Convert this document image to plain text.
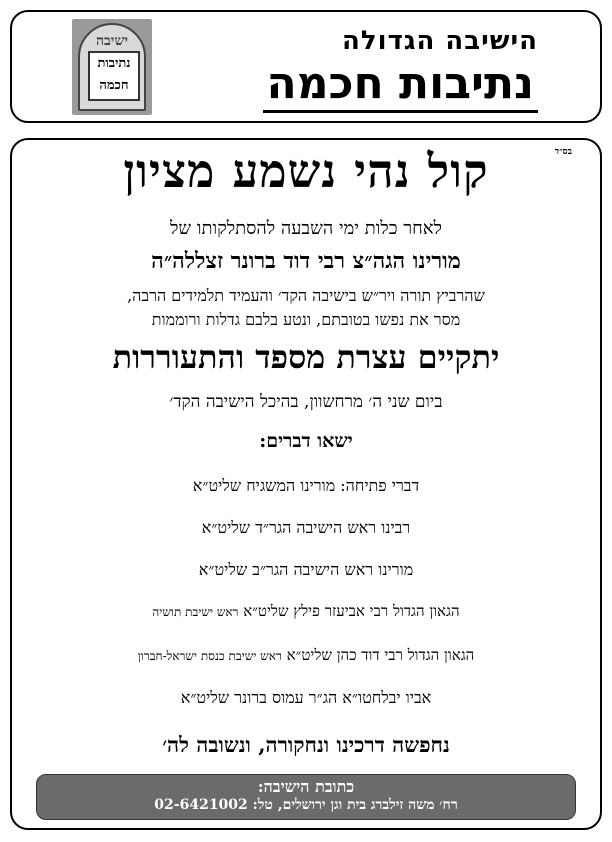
ישיבה
נתיבות
חכמה
הישיבה הגדולה
נתיבות חכמה
בס״ד
קול נהי נשמע מציון
לאחר כלות ימי השבעה להסתלקותו של
מורינו הגה״צ רבי דוד ברונר זצללה״ה
שהרביץ תורה ויר״ש בישיבה הקד׳ והעמיד תלמידים הרבה,
מסר את נפשו בטובתם, ונטע בלבם גדלות ורוממות
יתקיים עצרת מספד והתעוררות
ביום שני ה׳ מרחשוון, בהיכל הישיבה הקד׳
ישאו דברים:
דברי פתיחה: מורינו המשגיח שליט״א
רבינו ראש הישיבה הגר״ד שליט״א
מורינו ראש הישיבה הגר״ב שליט״א
הגאון הגדול רבי אביעזר פילץ שליט״א ראש ישיבת תושיה
הגאון הגדול רבי דוד כהן שליט״א ראש ישיבת כנסת ישראל-חברון
אביו יבלחטו״א הג״ר עמוס ברונר שליט״א
נחפשה דרכינו ונחקורה, ונשובה לה׳
כתובת הישיבה:
רח׳ משה זילברג בית וגן ירושלים, טל: 02-6421002
